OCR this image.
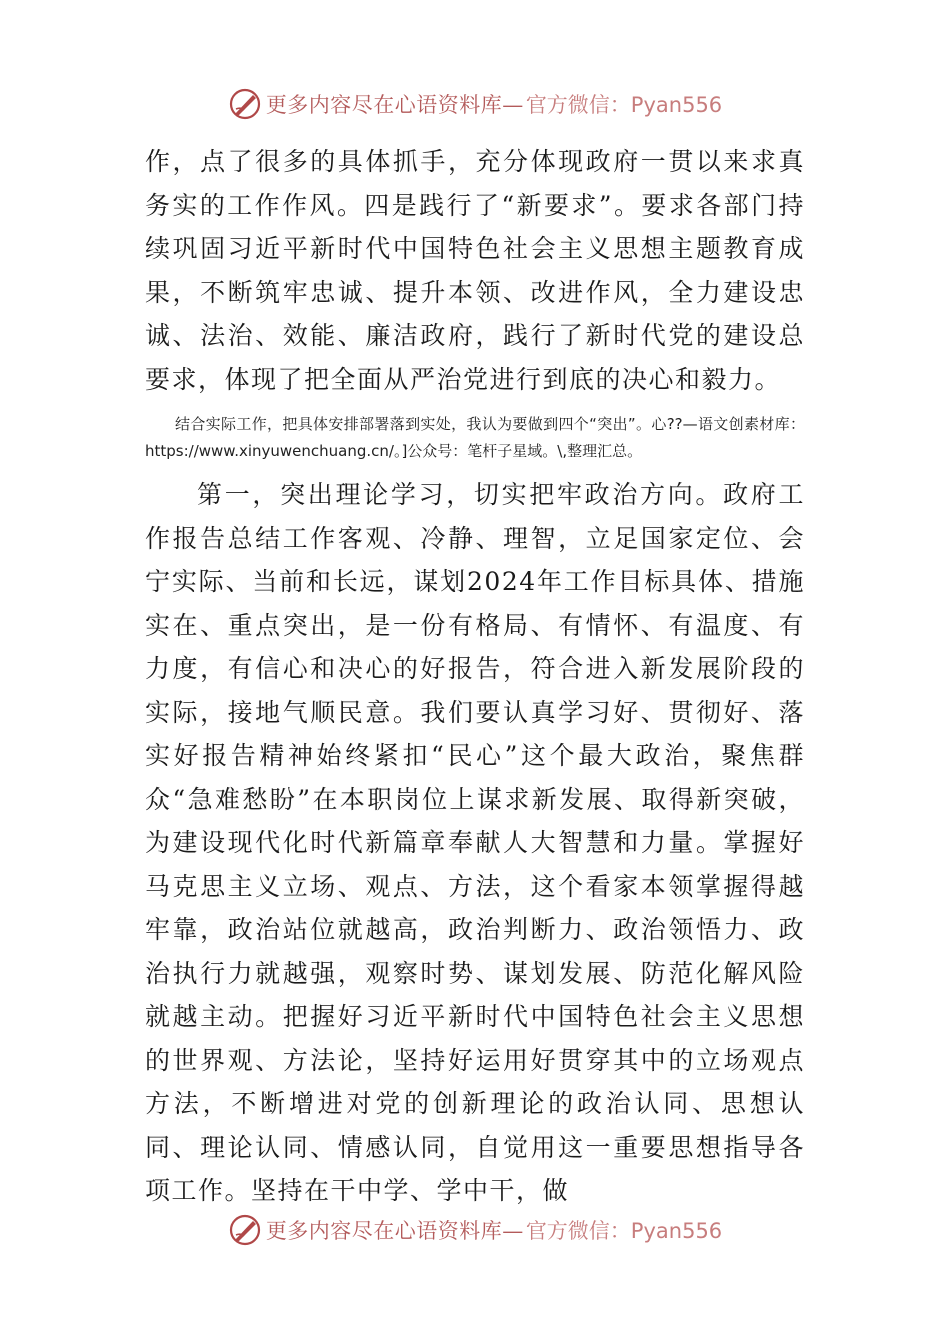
更多内容尽在心语资料库— 官方微信：Pyan556

作，点了很多的具体抓手，充分体现政府一贯以来求真务实的工作作风。四是践行了“新要求”。要求各部门持续巩固习近平新时代中国特色社会主义思想主题教育成果，不断筑牢忠诚、提升本领、改进作风，全力建设忠诚、法治、效能、廉洁政府，践行了新时代党的建设总要求，体现了把全面从严治党进行到底的决心和毅力。

结合实际工作，把具体安排部署落到实处，我认为要做到四个“突出”。心??—语文创素材库：https://www.xinyuwenchuang.cn/。]公众号：笔杆子星域。\,整理汇总。

第一，突出理论学习，切实把牢政治方向。政府工作报告总结工作客观、冷静、理智，立足国家定位、会宁实际、当前和长远，谋划2024年工作目标具体、措施实在、重点突出，是一份有格局、有情怀、有温度、有力度，有信心和决心的好报告，符合进入新发展阶段的实际，接地气顺民意。我们要认真学习好、贯彻好、落实好报告精神始终紧扣“民心”这个最大政治，聚焦群众“急难愁盼”在本职岗位上谋求新发展、取得新突破，为建设现代化时代新篇章奉献人大智慧和力量。掌握好马克思主义立场、观点、方法，这个看家本领掌握得越牢靠，政治站位就越高，政治判断力、政治领悟力、政治执行力就越强，观察时势、谋划发展、防范化解风险就越主动。把握好习近平新时代中国特色社会主义思想的世界观、方法论，坚持好运用好贯穿其中的立场观点方法，不断增进对党的创新理论的政治认同、思想认同、理论认同、情感认同，自觉用这一重要思想指导各项工作。坚持在干中学、学中干，做

更多内容尽在心语资料库— 官方微信：Pyan556
